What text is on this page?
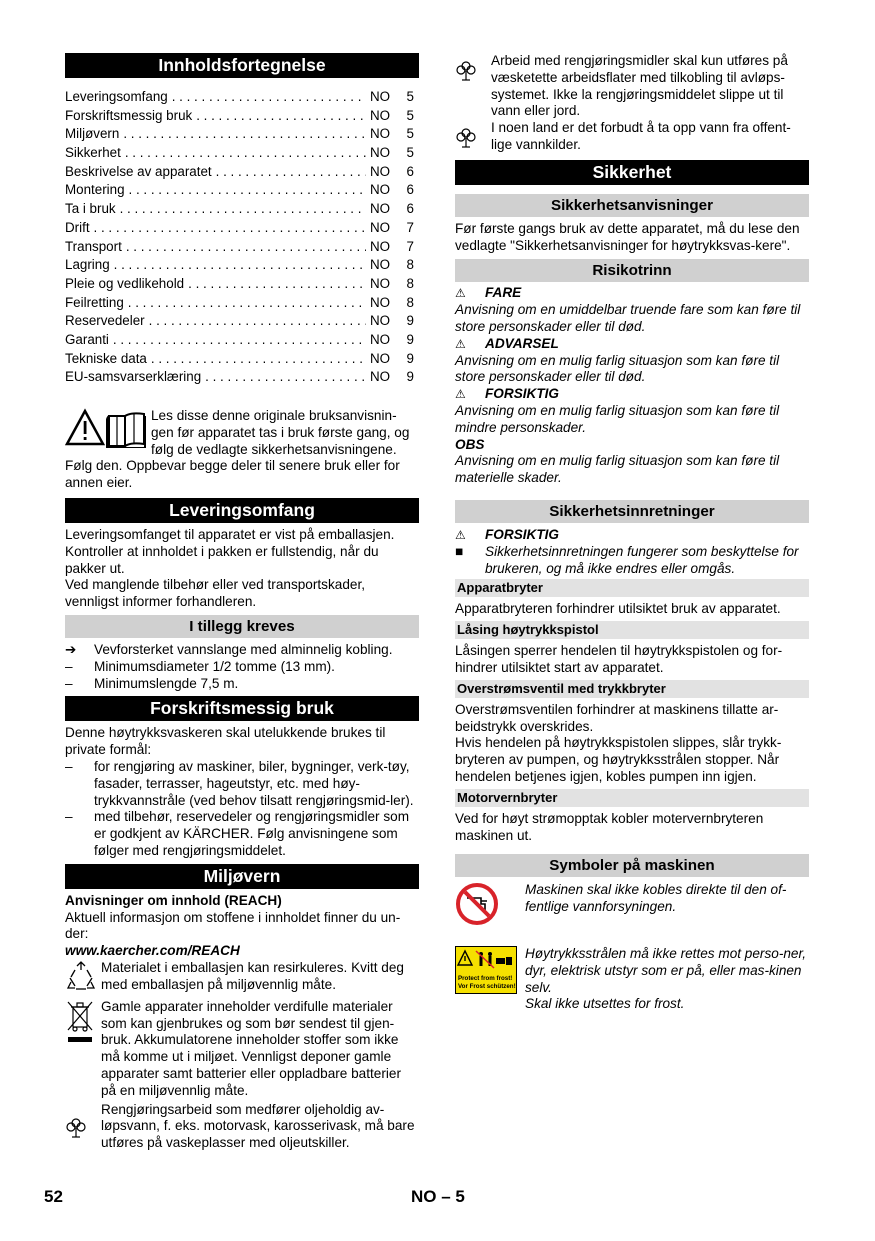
Innholdsfortegnelse
Leveringsomfang . . .	NO	5
Forskriftsmessig bruk . . .	NO	5
Miljøvern . . .	NO	5
Sikkerhet . . .	NO	5
Beskrivelse av apparatet . . .	NO	6
Montering . . .	NO	6
Ta i bruk . . .	NO	6
Drift . . .	NO	7
Transport . . .	NO	7
Lagring . . .	NO	8
Pleie og vedlikehold . . .	NO	8
Feilretting . . .	NO	8
Reservedeler . . .	NO	9
Garanti . . .	NO	9
Tekniske data . . .	NO	9
EU-samsvarserklæring . . .	NO	9

Les disse denne originale bruksanvisnin-

gen før apparatet tas i bruk første gang, og

følg de vedlagte sikkerhetsanvisningene.

Følg den. Oppbevar begge deler til senere bruk eller for annen eier.

Leveringsomfang

Leveringsomfanget til apparatet er vist på emballasjen. Kontroller at innholdet i pakken er fullstendig, når du pakker ut.

Ved manglende tilbehør eller ved transportskader, vennligst informer forhandleren.

I tillegg kreves
➔	Vevforsterket vannslange med alminnelig kobling.
–	Minimumsdiameter 1/2 tomme (13 mm).
–	Minimumslengde 7,5 m.
Forskriftsmessig bruk

Denne høytrykksvaskeren skal utelukkende brukes til private formål:

–	for rengjøring av maskiner, biler, bygninger, verk-tøy, fasader, terrasser, hageutstyr, etc. med høy-trykkvannstråle (ved behov tilsatt rengjøringsmid-ler).
–	med tilbehør, reservedeler og rengjøringsmidler som er godkjent av KÄRCHER. Følg anvisningene som følger med rengjøringsmiddelet.
Miljøvern

Anvisninger om innhold (REACH)

Aktuell informasjon om stoffene i innholdet finner du un-der:

www.kaercher.com/REACH

Materialet i emballasjen kan resirkuleres. Kvitt deg med emballasjen på miljøvennlig måte.

Gamle apparater inneholder verdifulle materialer som kan gjenbrukes og som bør sendest til gjen-bruk. Akkumulatorene inneholder stoffer som ikke må komme ut i miljøet. Vennligst deponer gamle apparater samt batterier eller oppladbare batterier på en miljøvennlig måte.

Rengjøringsarbeid som medfører oljeholdig av-løpsvann, f. eks. motorvask, karosserivask, må bare utføres på vaskeplasser med oljeutskiller.

Arbeid med rengjøringsmidler skal kun utføres på væsketette arbeidsflater med tilkobling til avløps-systemet. Ikke la rengjøringsmiddelet slippe ut til vann eller jord.

I noen land er det forbudt å ta opp vann fra offent-lige vannkilder.

Sikkerhet
Sikkerhetsanvisninger

Før første gangs bruk av dette apparatet, må du lese den vedlagte "Sikkerhetsanvisninger for høytrykksvas-kere".

Risikotrinn
⚠	FARE

Anvisning om en umiddelbar truende fare som kan føre til store personskader eller til død.

⚠	ADVARSEL

Anvisning om en mulig farlig situasjon som kan føre til store personskader eller til død.

⚠	FORSIKTIG

Anvisning om en mulig farlig situasjon som kan føre til mindre personskader.

OBS

Anvisning om en mulig farlig situasjon som kan føre til materielle skader.

Sikkerhetsinnretninger
⚠	FORSIKTIG
■	Sikkerhetsinnretningen fungerer som beskyttelse for brukeren, og må ikke endres eller omgås.

Apparatbryter

Apparatbryteren forhindrer utilsiktet bruk av apparatet.

Låsing høytrykkspistol

Låsingen sperrer hendelen til høytrykkspistolen og for-hindrer utilsiktet start av apparatet.

Overstrømsventil med trykkbryter

Overstrømsventilen forhindrer at maskinens tillatte ar-beidstrykk overskrides.

Hvis hendelen på høytrykkspistolen slippes, slår trykk-bryteren av pumpen, og høytrykksstrålen stopper. Når hendelen betjenes igjen, kobles pumpen inn igjen.

Motorvernbryter

Ved for høyt strømopptak kobler motervernbryteren maskinen ut.

Symboler på maskinen

Maskinen skal ikke kobles direkte til den of-fentlige vannforsyningen.

Protect from frost!
Vor Frost schützen!

Høytrykksstrålen må ikke rettes mot perso-ner, dyr, elektrisk utstyr som er på, eller mas-kinen selv.

Skal ikke utsettes for frost.

52	NO – 5
